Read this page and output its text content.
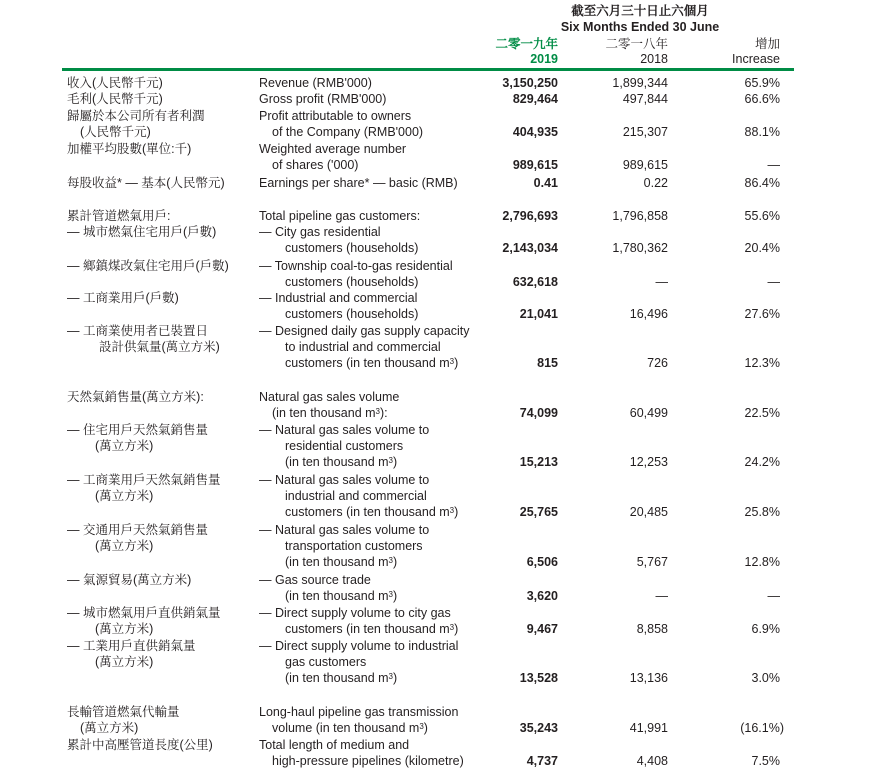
截至六月三十日止六個月
Six Months Ended 30 June
二零一九年
2019
二零一八年
2018
增加
Increase
收入(人民幣千元)	Revenue (RMB'000)	3,150,250	1,899,344	65.9%
毛利(人民幣千元)	Gross profit (RMB'000)	829,464	497,844	66.6%
歸屬於本公司所有者利潤
(人民幣千元)
Profit attributable to owners
of the Company (RMB'000)	404,935	215,307	88.1%
加權平均股數(單位:千)	Weighted average number
of shares ('000)	989,615	989,615	—
每股收益* — 基本(人民幣元)	Earnings per share* — basic (RMB)	0.41	0.22	86.4%
累計管道燃氣用戶:	Total pipeline gas customers:	2,796,693	1,796,858	55.6%
— 城市燃氣住宅用戶(戶數)	— City gas residential
customers (households)	2,143,034	1,780,362	20.4%
— 鄉鎮煤改氣住宅用戶(戶數) — Township coal-to-gas residential
customers (households)	632,618	—	—
— 工商業用戶(戶數)	— Industrial and commercial
customers (households)	21,041	16,496	27.6%
— 工商業使用者已裝置日
設計供氣量(萬立方米)
— Designed daily gas supply capacity
to industrial and commercial
customers (in ten thousand $m^3$)	815	726	12.3%
天然氣銷售量(萬立方米):	Natural gas sales volume
(in ten thousand $m^3$):	74,099	60,499	22.5%
— 住宅用戶天然氣銷售量
(萬立方米)
— Natural gas sales volume to
residential customers
(in ten thousand $m^3$)	15,213	12,253	24.2%
— 工商業用戶天然氣銷售量
(萬立方米)
— Natural gas sales volume to
industrial and commercial
customers (in ten thousand $m^3$)	25,765	20,485	25.8%
— 交通用戶天然氣銷售量
(萬立方米)
— Natural gas sales volume to
transportation customers
(in ten thousand $m^3$)	6,506	5,767	12.8%
— 氣源貿易(萬立方米)	— Gas source trade
(in ten thousand $m^3$)	3,620	—	—
— 城市燃氣用戶直供銷氣量
(萬立方米)
— Direct supply volume to city gas
customers (in ten thousand $m^3$)	9,467	8,858	6.9%
— 工業用戶直供銷氣量
(萬立方米)
— Direct supply volume to industrial
gas customers
(in ten thousand $m^3$)	13,528	13,136	3.0%
長輸管道燃氣代輸量
(萬立方米)
Long-haul pipeline gas transmission
volume (in ten thousand $m^3$)	35,243	41,991	(16.1%)
累計中高壓管道長度(公里)	Total length of medium and
high-pressure pipelines (kilometre)	4,737	4,408	7.5%
